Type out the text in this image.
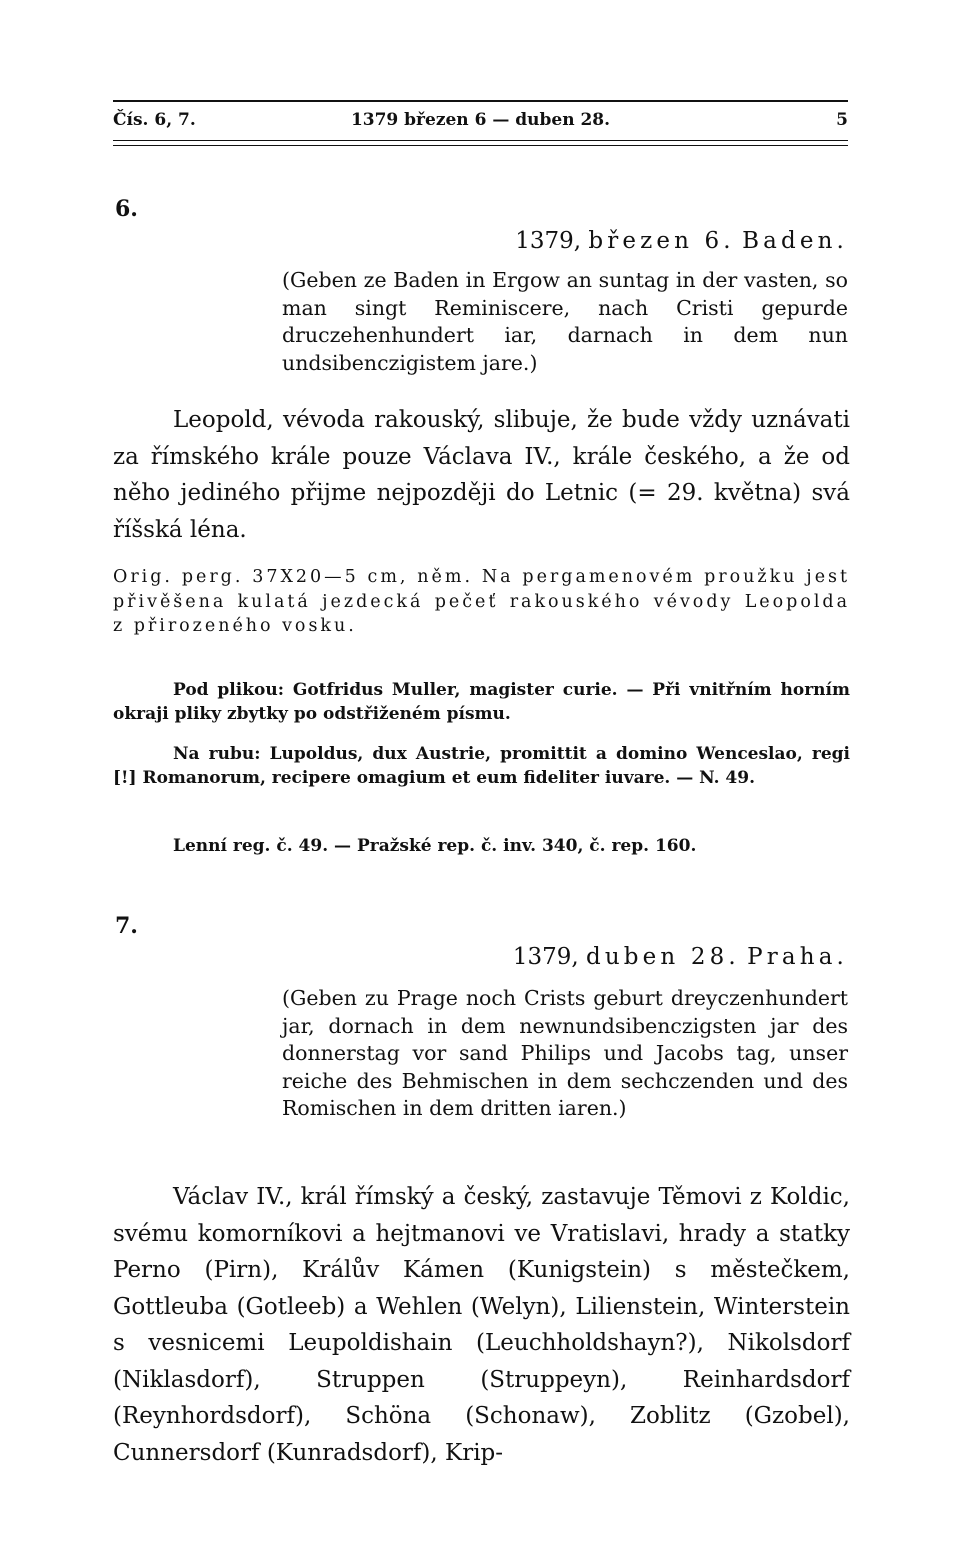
Čís. 6, 7.	1379 březen 6 — duben 28.	5
6.
1379, březen 6. Baden.

(Geben ze Baden in Ergow an suntag in der vasten, so man singt Reminiscere, nach Cristi gepurde druczehenhundert iar, darnach in dem nun undsibenczigistem jare.)

Leopold, vévoda rakouský, slibuje, že bude vždy uznávati za římského krále pouze Václava IV., krále českého, a že od něho jediného přijme nejpozději do Letnic (= 29. května) svá říšská léna.

Orig. perg. 37X20—5 cm, něm. Na pergamenovém proužku jest přivěšena kulatá jezdecká pečeť rakouského vévody Leopolda z přirozeného vosku.

Pod plikou: Gotfridus Muller, magister curie. — Při vnitřním horním okraji pliky zbytky po odstřiženém písmu.

Na rubu: Lupoldus, dux Austrie, promittit a domino Wenceslao, regi [!] Romanorum, recipere omagium et eum fideliter iuvare. — N. 49.

Lenní reg. č. 49. — Pražské rep. č. inv. 340, č. rep. 160.

7.
1379, duben 28. Praha.

(Geben zu Prage noch Crists geburt dreyczenhundert jar, dornach in dem newnundsibenczigsten jar des donnerstag vor sand Philips und Jacobs tag, unser reiche des Behmischen in dem sechczenden und des Romischen in dem dritten iaren.)

Václav IV., král římský a český, zastavuje Těmovi z Koldic, svému komorníkovi a hejtmanovi ve Vratislavi, hrady a statky Perno (Pirn), Králův Kámen (Kunigstein) s městečkem, Gottleuba (Gotleeb) a Wehlen (Welyn), Lilienstein, Winterstein s vesnicemi Leupoldishain (Leuchholdshayn?), Nikolsdorf (Niklasdorf), Struppen (Struppeyn), Reinhardsdorf (Reynhordsdorf), Schöna (Schonaw), Zoblitz (Gzobel), Cunnersdorf (Kunradsdorf), Krip-
